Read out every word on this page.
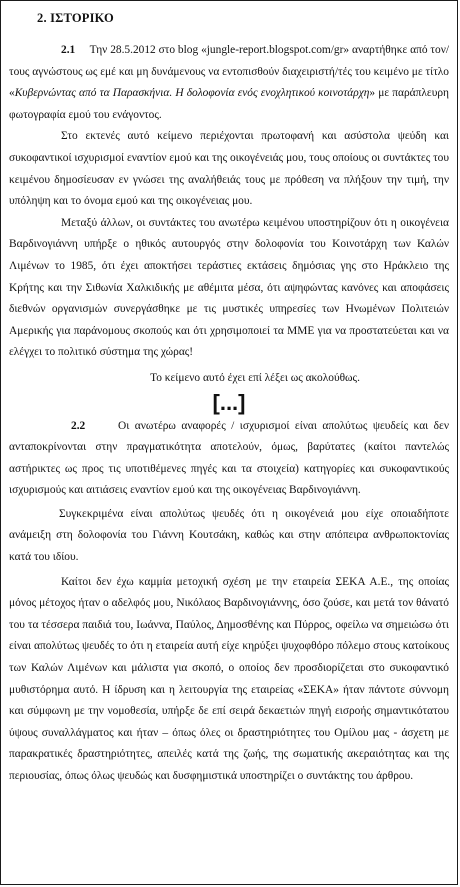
2. ΙΣΤΟΡΙΚΟ

2.1 Την 28.5.2012 στο blog «jungle-report.blogspot.com/gr» αναρτήθηκε από τον/τους αγνώστους ως εμέ και μη δυνάμενους να εντοπισθούν διαχειριστή/τές του κειμένο με τίτλο «Κυβερνώντας από τα Παρασκήνια. Η δολοφονία ενός ενοχλητικού κοινοτάρχη» με παράπλευρη φωτογραφία εμού του ενάγοντος.

Στο εκτενές αυτό κείμενο περιέχονται πρωτοφανή και ασύστολα ψεύδη και συκοφαντικοί ισχυρισμοί εναντίον εμού και της οικογένειάς μου, τους οποίους οι συντάκτες του κειμένου δημοσίευσαν εν γνώσει της αναλήθειάς τους με πρόθεση να πλήξουν την τιμή, την υπόληψη και το όνομα εμού και της οικογένειας μου.

Μεταξύ άλλων, οι συντάκτες του ανωτέρω κειμένου υποστηρίζουν ότι η οικογένεια Βαρδινογιάννη υπήρξε ο ηθικός αυτουργός στην δολοφονία του Κοινοτάρχη των Καλών Λιμένων το 1985, ότι έχει αποκτήσει τεράστιες εκτάσεις δημόσιας γης στο Ηράκλειο της Κρήτης και την Σιθωνία Χαλκιδικής με αθέμιτα μέσα, ότι αψηφώντας κανόνες και αποφάσεις διεθνών οργανισμών συνεργάσθηκε με τις μυστικές υπηρεσίες των Ηνωμένων Πολιτειών Αμερικής για παράνομους σκοπούς και ότι χρησιμοποιεί τα ΜΜΕ για να προστατεύεται και να ελέγχει το πολιτικό σύστημα της χώρας!

Το κείμενο αυτό έχει επί λέξει ως ακολούθως.

[...]

2.2	Οι ανωτέρω αναφορές / ισχυρισμοί είναι απολύτως ψευδείς και δεν ανταποκρίνονται στην πραγματικότητα αποτελούν, όμως, βαρύτατες (καίτοι παντελώς αστήρικτες ως προς τις υποτιθέμενες πηγές και τα στοιχεία) κατηγορίες και συκοφαντικούς ισχυρισμούς και αιτιάσεις εναντίον εμού και της οικογένειας Βαρδινογιάννη.

Συγκεκριμένα είναι απολύτως ψευδές ότι η οικογένειά μου είχε οποιαδήποτε ανάμειξη στη δολοφονία του Γιάννη Κουτσάκη, καθώς και στην απόπειρα ανθρωποκτονίας κατά του ιδίου.

Καίτοι δεν έχω καμμία μετοχική σχέση με την εταιρεία ΣΕΚΑ Α.Ε., της οποίας μόνος μέτοχος ήταν ο αδελφός μου, Νικόλαος Βαρδινογιάννης, όσο ζούσε, και μετά τον θάνατό του τα τέσσερα παιδιά του, Ιωάννα, Παύλος, Δημοσθένης και Πύρρος, οφείλω να σημειώσω ότι είναι απολύτως ψευδές το ότι η εταιρεία αυτή είχε κηρύξει ψυχοφθόρο πόλεμο στους κατοίκους των Καλών Λιμένων και μάλιστα για σκοπό, ο οποίος δεν προσδιορίζεται στο συκοφαντικό μυθιστόρημα αυτό. Η ίδρυση και η λειτουργία της εταιρείας «ΣΕΚΑ» ήταν πάντοτε σύννομη και σύμφωνη με την νομοθεσία, υπήρξε δε επί σειρά δεκαετιών πηγή εισροής σημαντικότατου ύψους συναλλάγματος και ήταν – όπως όλες οι δραστηριότητες του Ομίλου μας - άσχετη με παρακρατικές δραστηριότητες, απειλές κατά της ζωής, της σωματικής ακεραιότητας και της περιουσίας, όπως όλως ψευδώς και δυσφημιστικά υποστηρίζει ο συντάκτης του άρθρου.
